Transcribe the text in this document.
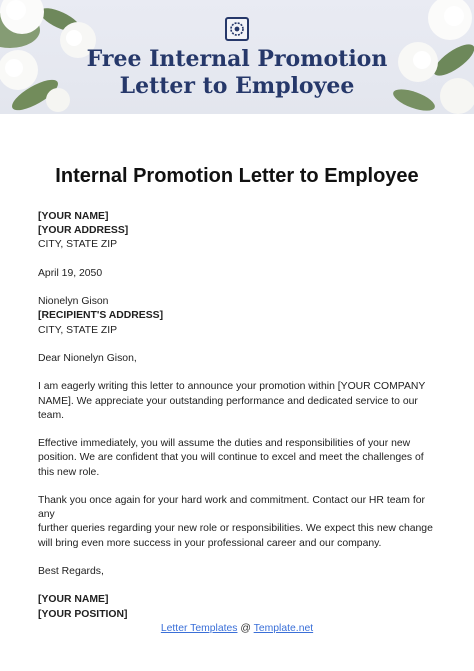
Free Internal Promotion
Letter to Employee
Internal Promotion Letter to Employee

[YOUR NAME]

[YOUR ADDRESS]

CITY, STATE ZIP

April 19, 2050

Nionelyn Gison

[RECIPIENT'S ADDRESS]

CITY, STATE ZIP

Dear Nionelyn Gison,

I am eagerly writing this letter to announce your promotion within [YOUR COMPANY

NAME]. We appreciate your outstanding performance and dedicated service to our

team.

Effective immediately, you will assume the duties and responsibilities of your new

position. We are confident that you will continue to excel and meet the challenges of

this new role.

Thank you once again for your hard work and commitment. Contact our HR team for any

further queries regarding your new role or responsibilities. We expect this new change

will bring even more success in your professional career and our company.

Best Regards,

[YOUR NAME]

[YOUR POSITION]

Letter Templates @ Template.net
